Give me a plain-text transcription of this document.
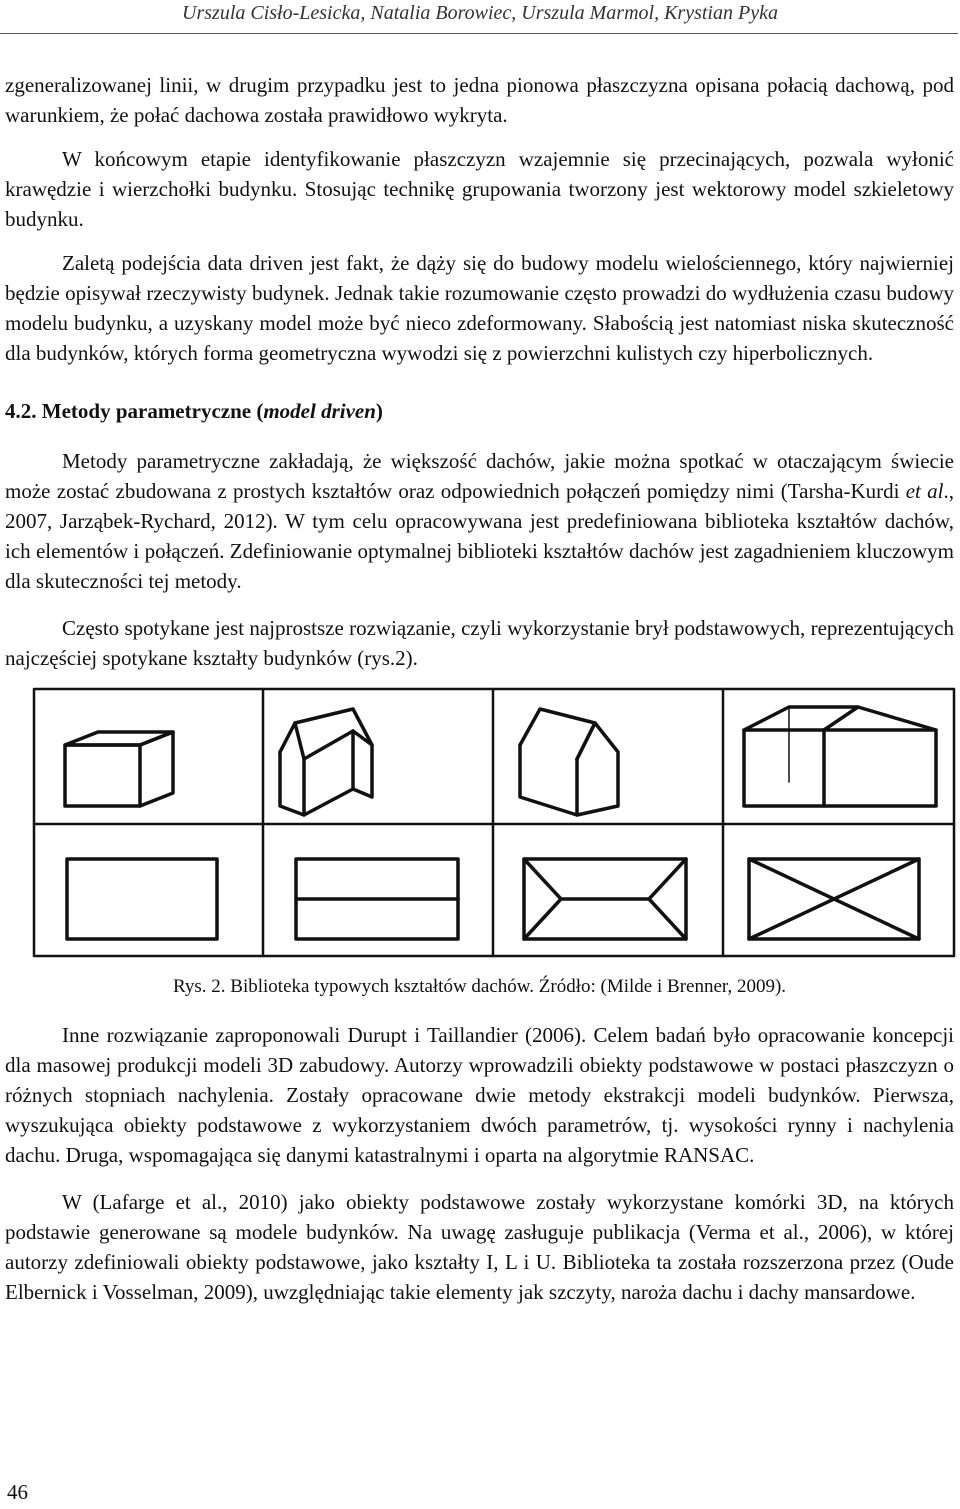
Urszula Cisło-Lesicka, Natalia Borowiec, Urszula Marmol, Krystian Pyka

zgeneralizowanej linii, w drugim przypadku jest to jedna pionowa płaszczyzna opisana połacią dachową, pod warunkiem, że połać dachowa została prawidłowo wykryta.

W końcowym etapie identyfikowanie płaszczyzn wzajemnie się przecinających, pozwala wyłonić krawędzie i wierzchołki budynku. Stosując technikę grupowania tworzony jest wektorowy model szkieletowy budynku.

Zaletą podejścia data driven jest fakt, że dąży się do budowy modelu wielościennego, który najwierniej będzie opisywał rzeczywisty budynek. Jednak takie rozumowanie często prowadzi do wydłużenia czasu budowy modelu budynku, a uzyskany model może być nieco zdeformowany. Słabością jest natomiast niska skuteczność dla budynków, których forma geometryczna wywodzi się z powierzchni kulistych czy hiperbolicznych.

4.2. Metody parametryczne (model driven)

Metody parametryczne zakładają, że większość dachów, jakie można spotkać w otaczającym świecie może zostać zbudowana z prostych kształtów oraz odpowiednich połączeń pomiędzy nimi (Tarsha-Kurdi et al., 2007, Jarząbek-Rychard, 2012). W tym celu opracowywana jest predefiniowana biblioteka kształtów dachów, ich elementów i połączeń. Zdefiniowanie optymalnej biblioteki kształtów dachów jest zagadnieniem kluczowym dla skuteczności tej metody.

Często spotykane jest najprostsze rozwiązanie, czyli wykorzystanie brył podstawowych, reprezentujących najczęściej spotykane kształty budynków (rys.2).

Rys. 2. Biblioteka typowych kształtów dachów. Źródło: (Milde i Brenner, 2009).

Inne rozwiązanie zaproponowali Durupt i Taillandier (2006). Celem badań było opracowanie koncepcji dla masowej produkcji modeli 3D zabudowy. Autorzy wprowadzili obiekty podstawowe w postaci płaszczyzn o różnych stopniach nachylenia. Zostały opracowane dwie metody ekstrakcji modeli budynków. Pierwsza, wyszukująca obiekty podstawowe z wykorzystaniem dwóch parametrów, tj. wysokości rynny i nachylenia dachu. Druga, wspomagająca się danymi katastralnymi i oparta na algorytmie RANSAC.

W (Lafarge et al., 2010) jako obiekty podstawowe zostały wykorzystane komórki 3D, na których podstawie generowane są modele budynków. Na uwagę zasługuje publikacja (Verma et al., 2006), w której autorzy zdefiniowali obiekty podstawowe, jako kształty I, L i U. Biblioteka ta została rozszerzona przez (Oude Elbernick i Vosselman, 2009), uwzględniając takie elementy jak szczyty, naroża dachu i dachy mansardowe.

46
